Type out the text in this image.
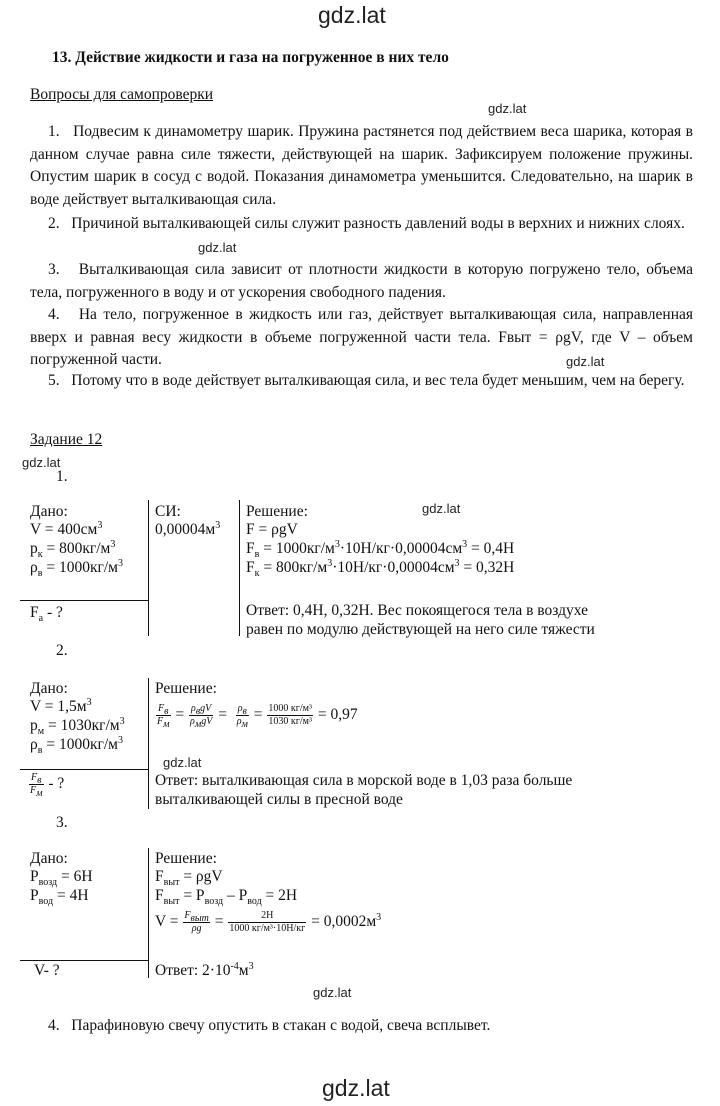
gdz.lat
gdz.lat
gdz.lat
gdz.lat
gdz.lat
gdz.lat
gdz.lat
gdz.lat
gdz.lat
13. Действие жидкости и газа на погруженное в них тело
Вопросы для самопроверки
1.   Подвесим к динамометру шарик. Пружина растянется под действием веса шарика, которая в данном случае равна силе тяжести, действующей на шарик. Зафиксируем положение пружины. Опустим шарик в сосуд с водой. Показания динамометра уменьшится. Следовательно, на шарик в воде действует выталкивающая сила.
2.   Причиной выталкивающей силы служит разность давлений воды в верхних и нижних слоях.
3.   Выталкивающая сила зависит от плотности жидкости в которую погружено тело, объема тела, погруженного в воду и от ускорения свободного падения.
4.   На тело, погруженное в жидкость или газ, действует выталкивающая сила, направленная вверх и равная весу жидкости в объеме погруженной части тела. Fвыт = ρgV, где V – объем погруженной части.
5.   Потому что в воде действует выталкивающая сила, и вес тела будет меньшим, чем на берегу.
Задание 12
1.
Дано:
$V = 400см^3$
$p_к = 800кг/м^3$
$\rho_в = 1000кг/м^3$
$F_a$ - ?
СИ:
$0,00004м^3$
Решение:
F = ρgV
$F_в = 1000кг/м^3\cdot 10Н/кг\cdot 0,00004см^3 = 0,4Н$
$F_к = 800кг/м^3\cdot 10Н/кг\cdot 0,00004см^3 = 0,32Н$
Ответ: 0,4Н, 0,32Н. Вес покоящегося тела в воздухе
равен по модулю действующей на него силе тяжести
2.
Дано:
$V = 1,5м^3$
$p_м = 1030кг/м^3$
$\rho_в = 1000кг/м^3$
$\frac{F_в}{F_м}$ - ?
Решение:
$\frac{F_в}{F_м} = \frac{\rho_вgV}{\rho_мgV} = \frac{\rho_в}{\rho_м} = \frac{\text{1000 кг/м³}}{\text{1030 кг/м³}} = 0,97$
Ответ: выталкивающая сила в морской воде в 1,03 раза больше
выталкивающей силы в пресной воде
3.
Дано:
$P_{возд} = 6Н$
$P_{вод} = 4Н$
V- ?
Решение:
$F_{выт} = \rho gV$
$F_{выт} = P_{возд} - P_{вод} = 2Н$
$V = \frac{F_{выт}}{\rho g} = \frac{2Н}{\text{1000 кг/м³·10Н/кг}} = 0,0002м^3$
Ответ: $2\cdot 10^{-4}м^3$
4.   Парафиновую свечу опустить в стакан с водой, свеча всплывет.
